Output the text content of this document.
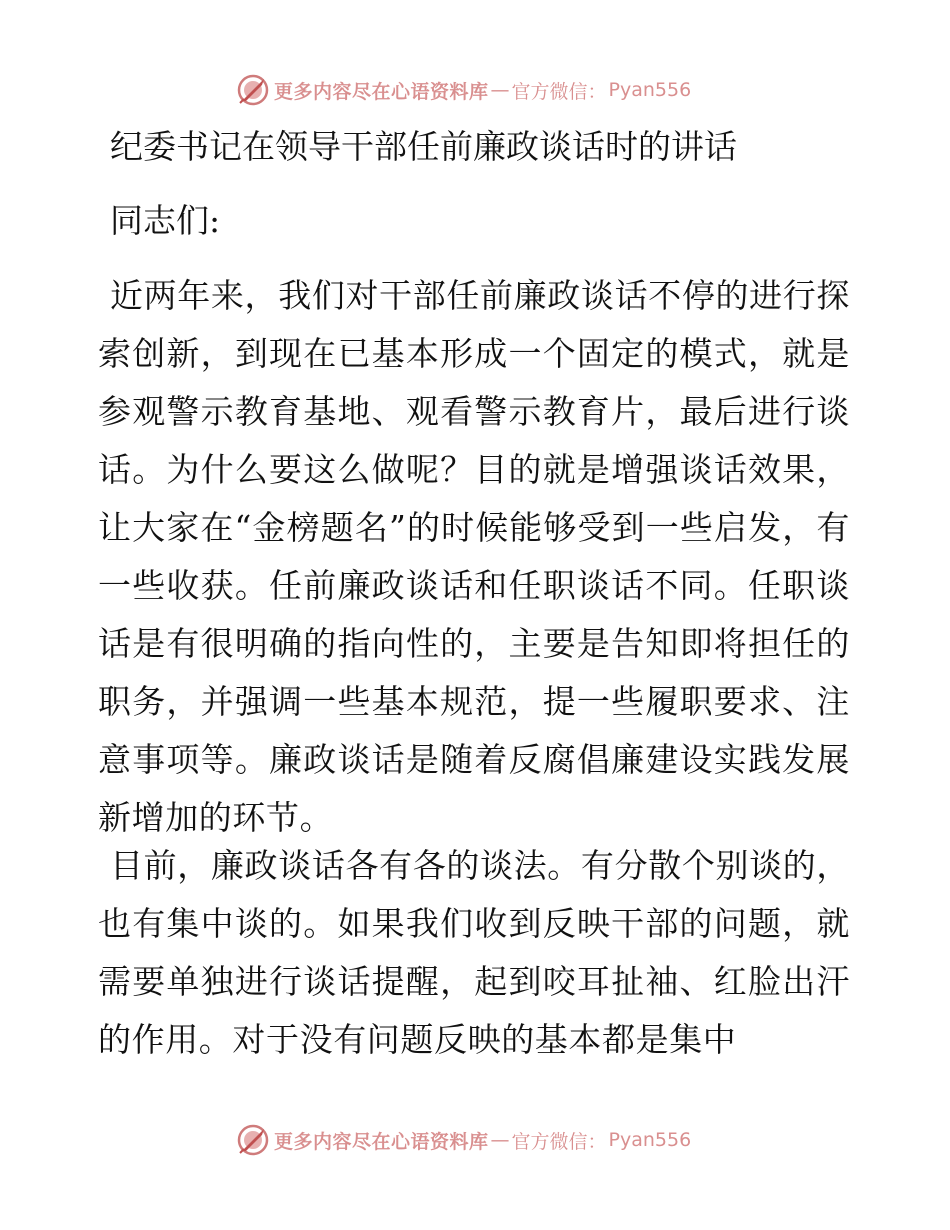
更多内容尽在心语资料库 — 官方微信： Pyan556
纪委书记在领导干部任前廉政谈话时的讲话

同志们:

近两年来，我们对干部任前廉政谈话不停的进行探索创新，到现在已基本形成一个固定的模式，就是参观警示教育基地、观看警示教育片，最后进行谈话。为什么要这么做呢？目的就是增强谈话效果，让大家在“金榜题名”的时候能够受到一些启发，有一些收获。任前廉政谈话和任职谈话不同。任职谈话是有很明确的指向性的，主要是告知即将担任的职务，并强调一些基本规范，提一些履职要求、注意事项等。廉政谈话是随着反腐倡廉建设实践发展新增加的环节。

目前，廉政谈话各有各的谈法。有分散个别谈的，也有集中谈的。如果我们收到反映干部的问题，就需要单独进行谈话提醒，起到咬耳扯袖、红脸出汗的作用。对于没有问题反映的基本都是集中

更多内容尽在心语资料库 — 官方微信： Pyan556
